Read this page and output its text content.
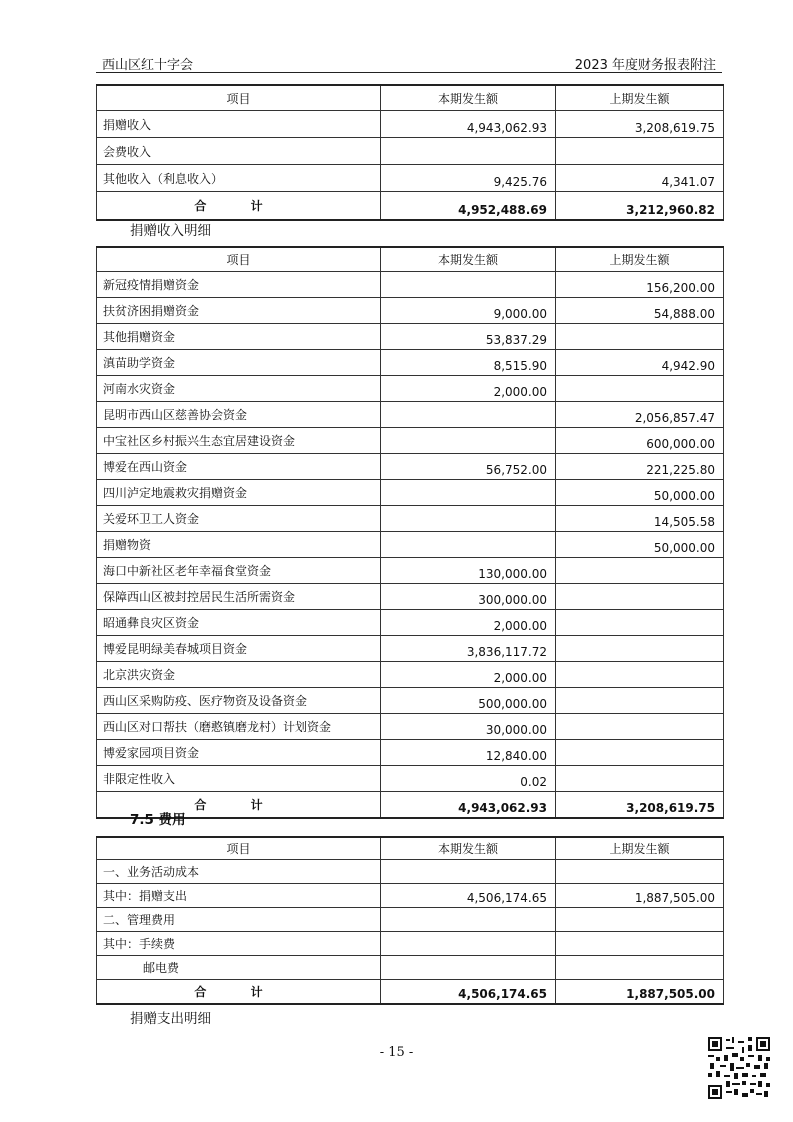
西山区红十字会	2023 年度财务报表附注
项目	本期发生额	上期发生额
捐赠收入	4,943,062.93	3,208,619.75
会费收入		
其他收入（利息收入）	9,425.76	4,341.07
合 计	4,952,488.69	3,212,960.82
捐赠收入明细
项目	本期发生额	上期发生额
新冠疫情捐赠资金		156,200.00
扶贫济困捐赠资金	9,000.00	54,888.00
其他捐赠资金	53,837.29	
滇苗助学资金	8,515.90	4,942.90
河南水灾资金	2,000.00	
昆明市西山区慈善协会资金		2,056,857.47
中宝社区乡村振兴生态宜居建设资金		600,000.00
博爱在西山资金	56,752.00	221,225.80
四川泸定地震救灾捐赠资金		50,000.00
关爱环卫工人资金		14,505.58
捐赠物资		50,000.00
海口中新社区老年幸福食堂资金	130,000.00	
保障西山区被封控居民生活所需资金	300,000.00	
昭通彝良灾区资金	2,000.00	
博爱昆明绿美春城项目资金	3,836,117.72	
北京洪灾资金	2,000.00	
西山区采购防疫、医疗物资及设备资金	500,000.00	
西山区对口帮扶（磨憨镇磨龙村）计划资金	30,000.00	
博爱家园项目资金	12,840.00	
非限定性收入	0.02	
合 计	4,943,062.93	3,208,619.75
7.5 费用
项目	本期发生额	上期发生额
一、业务活动成本		
其中：捐赠支出	4,506,174.65	1,887,505.00
二、管理费用		
其中：手续费		
邮电费		
合 计	4,506,174.65	1,887,505.00
捐赠支出明细
- 15 -
